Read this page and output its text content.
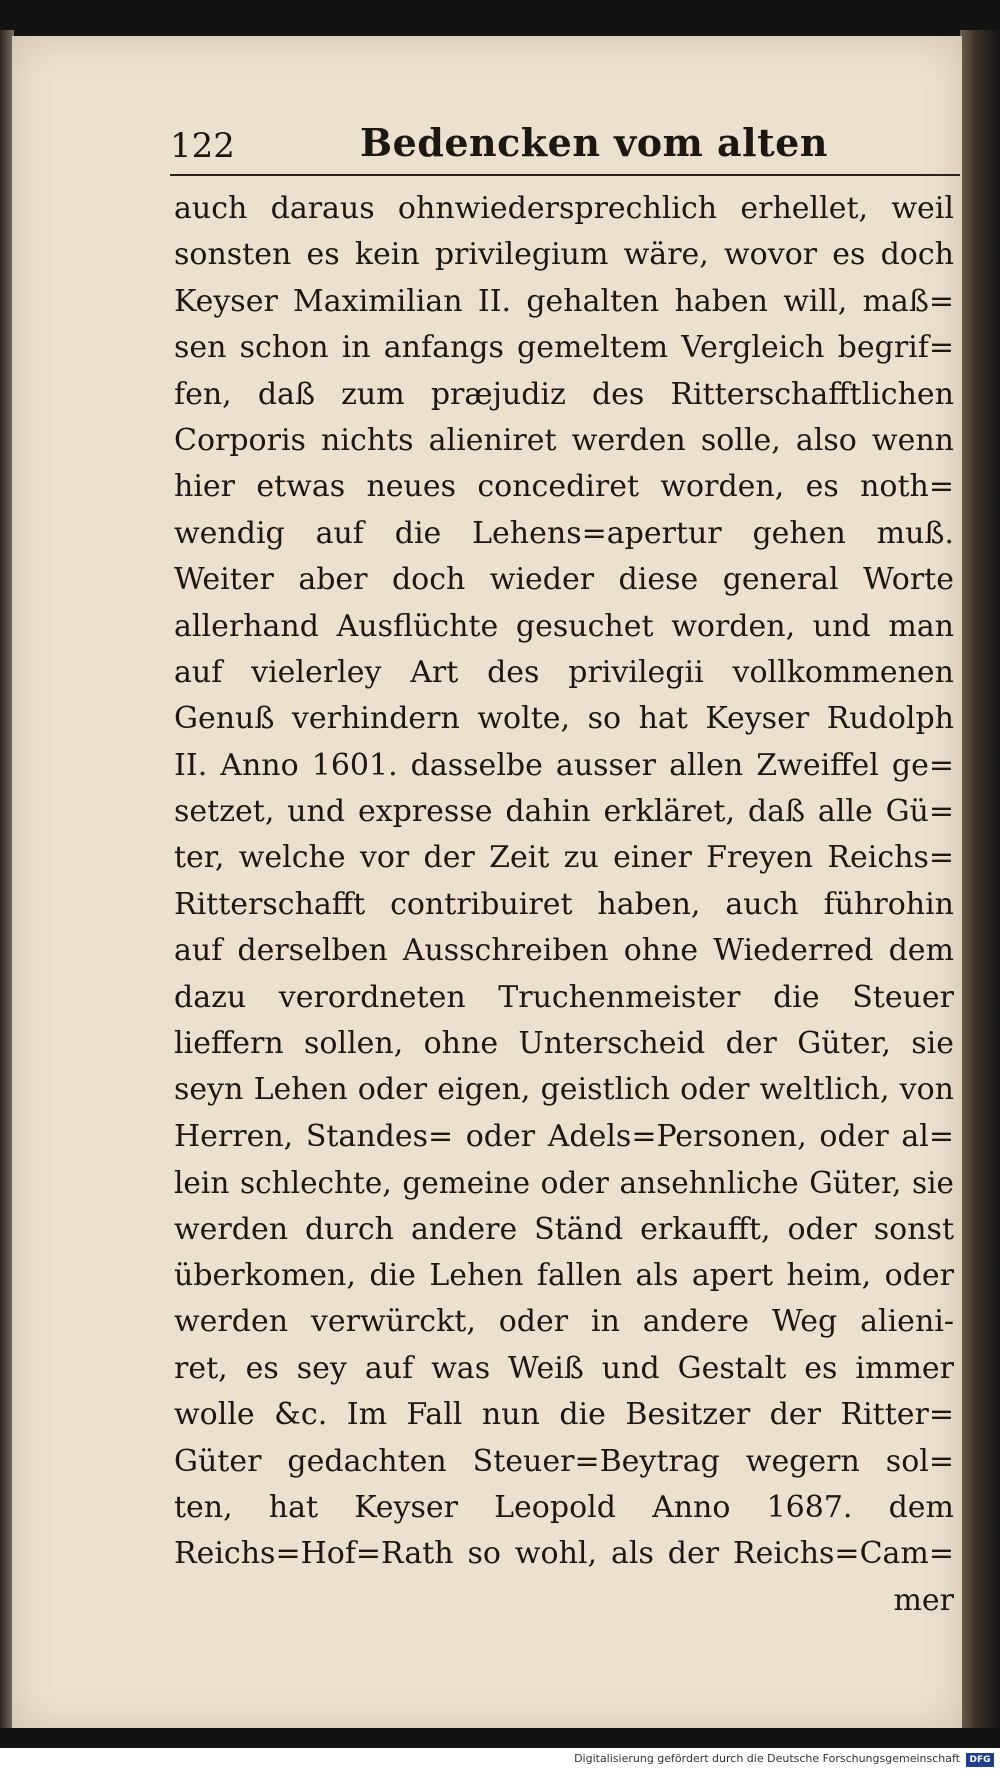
122	Bedencken vom alten
auch daraus ohnwiedersprechlich erhellet, weil
sonsten es kein privilegium wäre, wovor es doch
Keyser Maximilian II. gehalten haben will, maß=
sen schon in anfangs gemeltem Vergleich begrif=
fen, daß zum præjudiz des Ritterschafftlichen
Corporis nichts alieniret werden solle, also wenn
hier etwas neues concediret worden, es noth=
wendig auf die Lehens=apertur gehen muß.
Weiter aber doch wieder diese general Worte
allerhand Ausflüchte gesuchet worden, und man
auf vielerley Art des privilegii vollkommenen
Genuß verhindern wolte, so hat Keyser Rudolph
II. Anno 1601. dasselbe ausser allen Zweiffel ge=
setzet, und expresse dahin erkläret, daß alle Gü=
ter, welche vor der Zeit zu einer Freyen Reichs=
Ritterschafft contribuiret haben, auch führohin
auf derselben Ausschreiben ohne Wiederred dem
dazu verordneten Truchenmeister die Steuer
lieffern sollen, ohne Unterscheid der Güter, sie
seyn Lehen oder eigen, geistlich oder weltlich, von
Herren, Standes= oder Adels=Personen, oder al=
lein schlechte, gemeine oder ansehnliche Güter, sie
werden durch andere Ständ erkaufft, oder sonst
überkomen, die Lehen fallen als apert heim, oder
werden verwürckt, oder in andere Weg alieni-
ret, es sey auf was Weiß und Gestalt es immer
wolle &c. Im Fall nun die Besitzer der Ritter=
Güter gedachten Steuer=Beytrag wegern sol=
ten, hat Keyser Leopold Anno 1687. dem
Reichs=Hof=Rath so wohl, als der Reichs=Cam=
mer
Digitalisierung gefördert durch die Deutsche Forschungsgemeinschaft	DFG
